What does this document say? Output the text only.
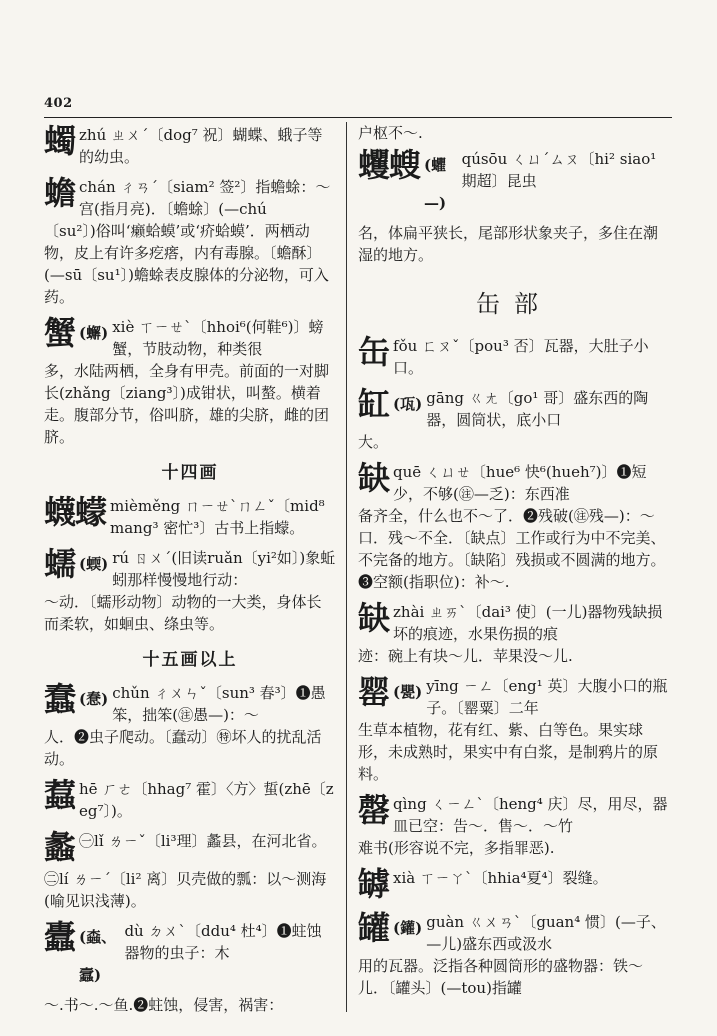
402
蠋 zhú ㄓㄨˊ〔dog⁷ 祝〕蝴蝶、蛾子等的幼虫。
蟾 chán ㄔㄢˊ〔siam² 签²〕指蟾蜍：～宫(指月亮)．〔蟾蜍〕(—chú

〔su²〕)俗叫‘癞蛤蟆’或‘疥蛤蟆’．两栖动物，皮上有许多疙瘩，内有毒腺。〔蟾酥〕(—sū〔su¹〕)蟾蜍表皮腺体的分泌物，可入药。

蟹 (蠏) xiè ㄒㄧㄝˋ〔hhoi⁶(何鞋⁶)〕螃蟹，节肢动物，种类很

多，水陆两栖，全身有甲壳。前面的一对脚长(zhǎng〔ziang³〕)成钳状，叫螯。横着走。腹部分节，俗叫脐，雄的尖脐，雌的团脐。

十四画
蠛蠓 mièměng ㄇㄧㄝˋㄇㄥˇ〔mid⁸ mang³ 密忙³〕古书上指蠓。
蠕 (蝡) rú ㄖㄨˊ(旧读ruǎn〔yi²如〕)象蚯蚓那样慢慢地行动：

～动．〔蠕形动物〕动物的一大类，身体长而柔软，如蛔虫、绦虫等。

十五画以上
蠢 (惷) chǔn ㄔㄨㄣˇ〔sun³ 春³〕❶愚笨，拙笨(㊟愚—)：～

人．❷虫子爬动。〔蠢动〕㊕坏人的扰乱活动。

蠚 hē ㄏㄜ〔hhag⁷ 霍〕〈方〉蜇(zhē〔zeg⁷〕)。
蠡 ㊀lǐ ㄌㄧˇ〔li³理〕蠡县，在河北省。

㊁lí ㄌㄧˊ〔li² 离〕贝壳做的瓢：以～测海(喻见识浅薄)。

蠹 (螙、蠧)
dù ㄉㄨˋ〔ddu⁴ 杜⁴〕❶蛀蚀器物的虫子：木

～.书～.～鱼.❷蛀蚀，侵害，祸害：

户枢不～.

蠼螋 (蠷—)
qúsōu ㄑㄩˊㄙㄡ〔hi² siao¹ 期超〕昆虫

名，体扁平狭长，尾部形状象夹子，多住在潮湿的地方。

缶部
缶 fǒu ㄈㄡˇ〔pou³ 否〕瓦器，大肚子小口。
缸 (瓨) gāng ㄍㄤ〔go¹ 哥〕盛东西的陶器，圆筒状，底小口

大。

缺 quē ㄑㄩㄝ〔hue⁶ 快⁶(hueh⁷)〕❶短少，不够(㊟—乏)：东西准

备齐全，什么也不～了．❷残破(㊟残—)：～口．残～不全．〔缺点〕工作或行为中不完美、不完备的地方。〔缺陷〕残损或不圆满的地方。❸空额(指职位)：补～.

缺 zhài ㄓㄞˋ〔dai³ 使〕(一儿)器物残缺损坏的痕迹，水果伤损的痕

迹：碗上有块～儿．苹果没～儿.

罂 (甖) yīng ㄧㄥ〔eng¹ 英〕大腹小口的瓶子。〔罂粟〕二年

生草本植物，花有红、紫、白等色。果实球形，未成熟时，果实中有白浆，是制鸦片的原料。

罄 qìng ㄑㄧㄥˋ〔heng⁴ 庆〕尽，用尽，器皿已空：告～．售～．～竹

难书(形容说不完，多指罪恶).

罅 xià ㄒㄧㄚˋ〔hhia⁴夏⁴〕裂缝。
罐 (鑵) guàn ㄍㄨㄢˋ〔guan⁴ 惯〕(—子、—儿)盛东西或汲水

用的瓦器。泛指各种圆筒形的盛物器：铁～儿．〔罐头〕(—tou)指罐
